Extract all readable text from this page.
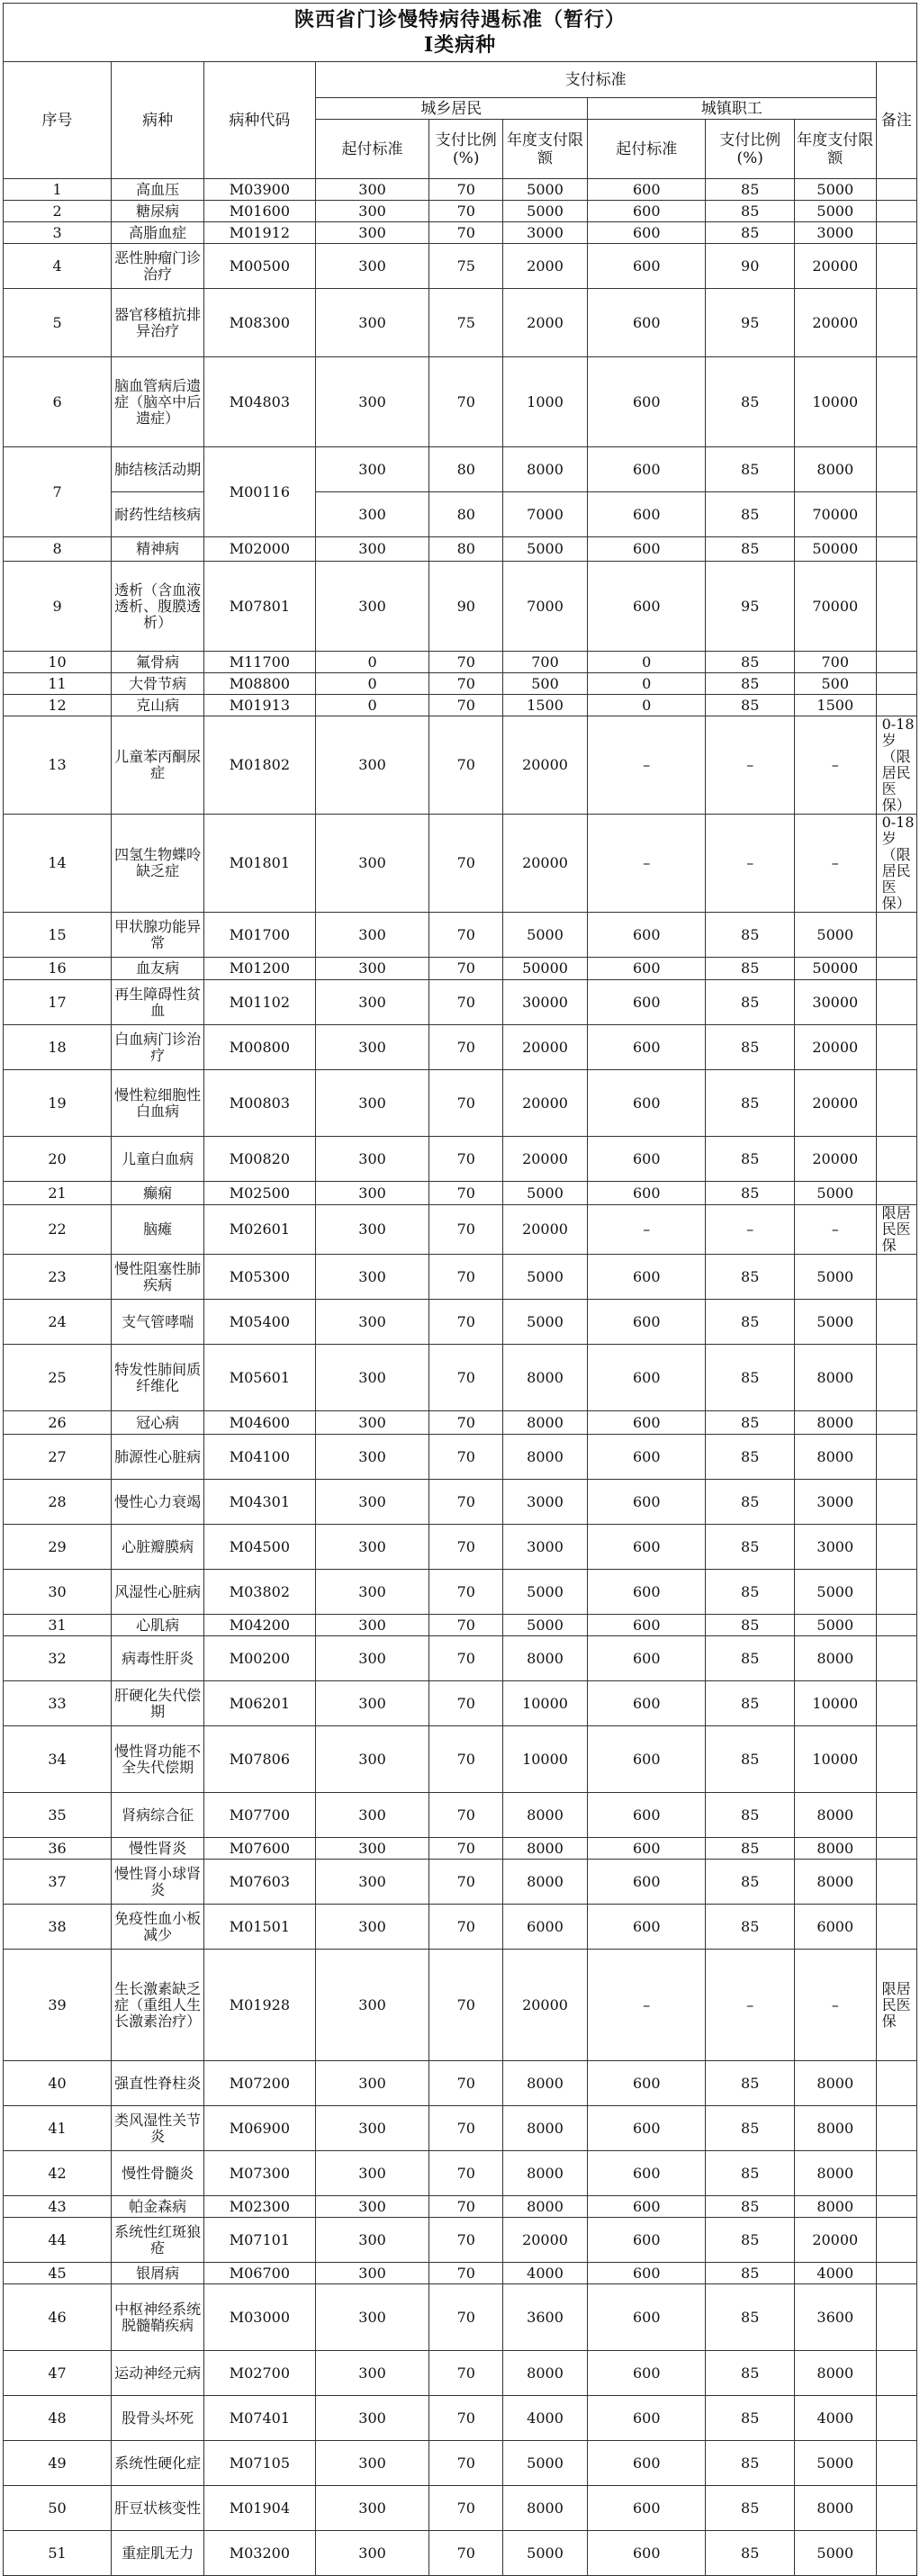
陕西省门诊慢特病待遇标准（暂行）
Ⅰ类病种									

序号	病种	病种代码	支付标准						备注
			城乡居民			城镇职工			
			起付标准	支付比例(%)	年度支付限额	起付标准	支付比例(%)	年度支付限额	
1	高血压	M03900	300	70	5000	600	85	5000	
2	糖尿病	M01600	300	70	5000	600	85	5000	
3	高脂血症	M01912	300	70	3000	600	85	3000	
4	恶性肿瘤门诊治疗	M00500	300	75	2000	600	90	20000	
5	器官移植抗排异治疗	M08300	300	75	2000	600	95	20000	
6	脑血管病后遗症（脑卒中后遗症）	M04803	300	70	1000	600	85	10000	
7	肺结核活动期	M00116	300	80	8000	600	85	8000	
	耐药性结核病		300	80	7000	600	85	70000	
8	精神病	M02000	300	80	5000	600	85	50000	
9	透析（含血液透析、腹膜透析）	M07801	300	90	7000	600	95	70000	
10	氟骨病	M11700	0	70	700	0	85	700	
11	大骨节病	M08800	0	70	500	0	85	500	
12	克山病	M01913	0	70	1500	0	85	1500	
13	儿童苯丙酮尿症	M01802	300	70	20000	–	–	–	0-18岁（限居民医保）
14	四氢生物蝶呤缺乏症	M01801	300	70	20000	–	–	–	0-18岁（限居民医保）
15	甲状腺功能异常	M01700	300	70	5000	600	85	5000	
16	血友病	M01200	300	70	50000	600	85	50000	
17	再生障碍性贫血	M01102	300	70	30000	600	85	30000	
18	白血病门诊治疗	M00800	300	70	20000	600	85	20000	
19	慢性粒细胞性白血病	M00803	300	70	20000	600	85	20000	
20	儿童白血病	M00820	300	70	20000	600	85	20000	
21	癫痫	M02500	300	70	5000	600	85	5000	
22	脑瘫	M02601	300	70	20000	–	–	–	限居民医保
23	慢性阻塞性肺疾病	M05300	300	70	5000	600	85	5000	
24	支气管哮喘	M05400	300	70	5000	600	85	5000	
25	特发性肺间质纤维化	M05601	300	70	8000	600	85	8000	
26	冠心病	M04600	300	70	8000	600	85	8000	
27	肺源性心脏病	M04100	300	70	8000	600	85	8000	
28	慢性心力衰竭	M04301	300	70	3000	600	85	3000	
29	心脏瓣膜病	M04500	300	70	3000	600	85	3000	
30	风湿性心脏病	M03802	300	70	5000	600	85	5000	
31	心肌病	M04200	300	70	5000	600	85	5000	
32	病毒性肝炎	M00200	300	70	8000	600	85	8000	
33	肝硬化失代偿期	M06201	300	70	10000	600	85	10000	
34	慢性肾功能不全失代偿期	M07806	300	70	10000	600	85	10000	
35	肾病综合征	M07700	300	70	8000	600	85	8000	
36	慢性肾炎	M07600	300	70	8000	600	85	8000	
37	慢性肾小球肾炎	M07603	300	70	8000	600	85	8000	
38	免疫性血小板减少	M01501	300	70	6000	600	85	6000	
39	生长激素缺乏症（重组人生长激素治疗）	M01928	300	70	20000	–	–	–	限居民医保
40	强直性脊柱炎	M07200	300	70	8000	600	85	8000	
41	类风湿性关节炎	M06900	300	70	8000	600	85	8000	
42	慢性骨髓炎	M07300	300	70	8000	600	85	8000	
43	帕金森病	M02300	300	70	8000	600	85	8000	
44	系统性红斑狼疮	M07101	300	70	20000	600	85	20000	
45	银屑病	M06700	300	70	4000	600	85	4000	
46	中枢神经系统脱髓鞘疾病	M03000	300	70	3600	600	85	3600	
47	运动神经元病	M02700	300	70	8000	600	85	8000	
48	股骨头坏死	M07401	300	70	4000	600	85	4000	
49	系统性硬化症	M07105	300	70	5000	600	85	5000	
50	肝豆状核变性	M01904	300	70	8000	600	85	8000	
51	重症肌无力	M03200	300	70	5000	600	85	5000	
